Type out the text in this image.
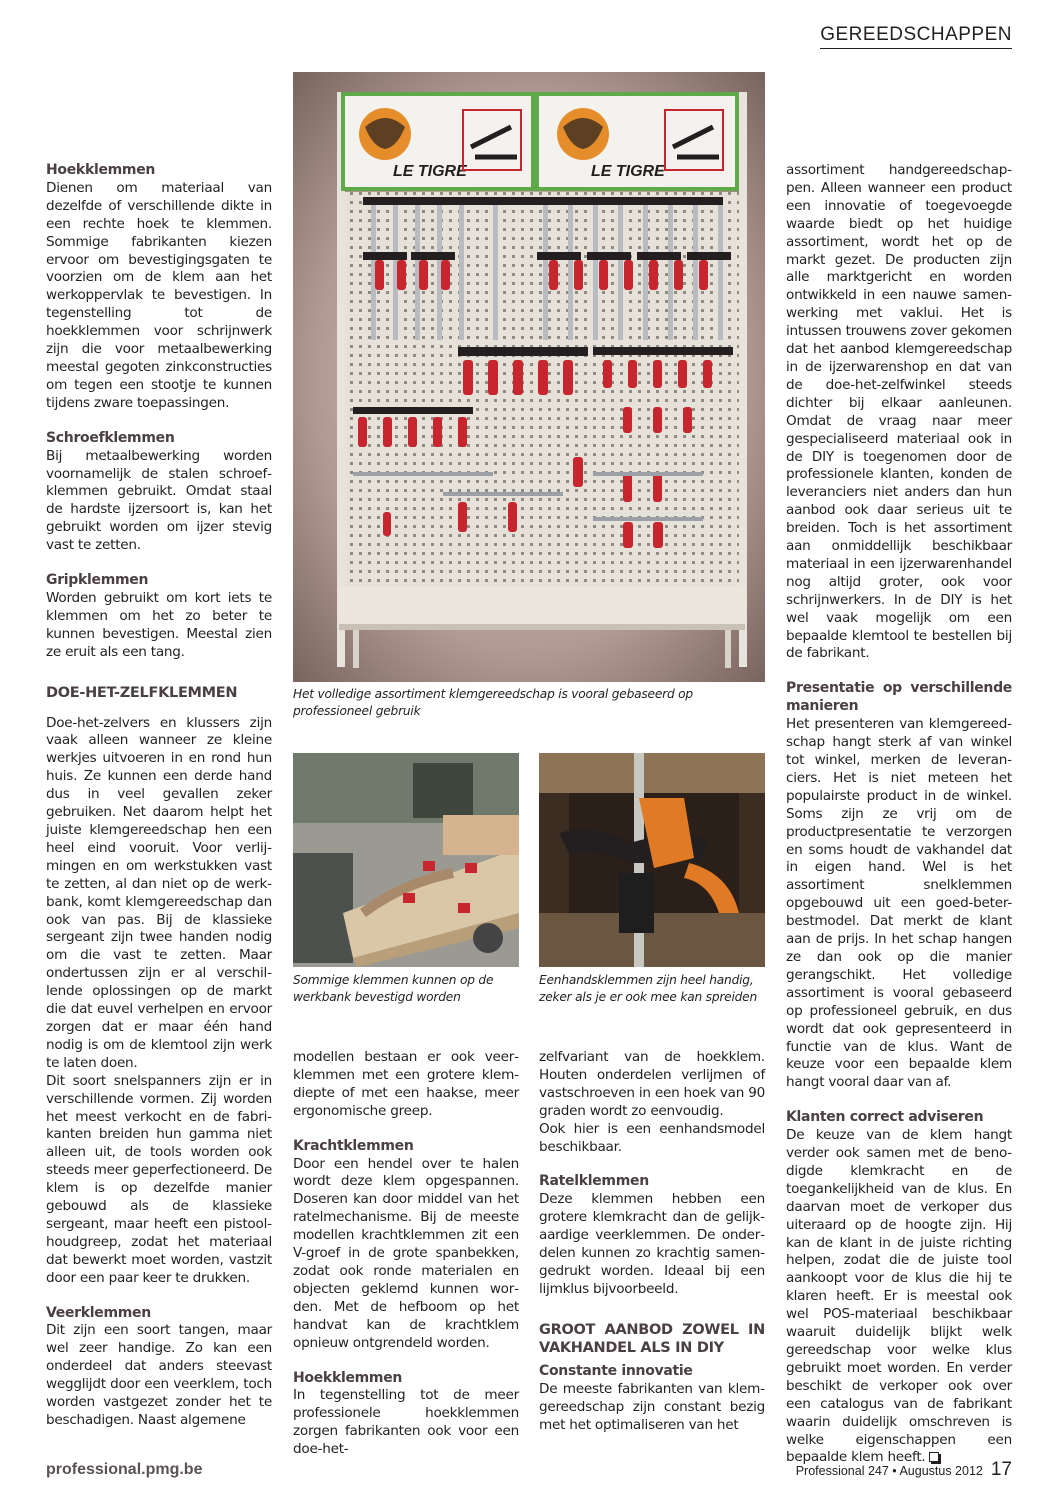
GEREEDSCHAPPEN
LE TIGRE	LE TIGRE
Het volledige assortiment klemgereedschap is vooral gebaseerd op professioneel gebruik
Sommige klemmen kunnen op de werkbank bevestigd worden
Eenhandsklemmen zijn heel handig, zeker als je er ook mee kan spreiden
Hoekklemmen

Dienen om materiaal van dezelfde of verschillende dikte in een rechte hoek te klemmen. Sommige fabrikanten kiezen ervoor om bevestigingsgaten te voorzien om de klem aan het werkoppervlak te bevestigen. In tegenstelling tot de hoekklemmen voor schrijnwerk zijn die voor metaalbewerking meestal gegoten zinkconstructies om tegen een stootje te kunnen tijdens zware toepassingen.

Schroefklemmen

Bij metaalbewerking worden voornamelijk de stalen schroefklemmen gebruikt. Omdat staal de hardste ijzersoort is, kan het gebruikt worden om ijzer stevig vast te zetten.

Gripklemmen

Worden gebruikt om kort iets te klemmen om het zo beter te kunnen bevestigen. Meestal zien ze eruit als een tang.

DOE-HET-ZELFKLEMMEN

Doe-het-zelvers en klussers zijn vaak alleen wanneer ze kleine werkjes uitvoeren in en rond hun huis. Ze kunnen een derde hand dus in veel gevallen zeker gebruiken. Net daarom helpt het juiste klemgereedschap hen een heel eind vooruit. Voor verlijmingen en om werkstukken vast te zetten, al dan niet op de werkbank, komt klemgereedschap dan ook van pas. Bij de klassieke sergeant zijn twee handen nodig om die vast te zetten. Maar ondertussen zijn er al verschillende oplossingen op de markt die dat euvel verhelpen en ervoor zorgen dat er maar één hand nodig is om de klemtool zijn werk te laten doen.

Dit soort snelspanners zijn er in verschillende vormen. Zij worden het meest verkocht en de fabrikanten breiden hun gamma niet alleen uit, de tools worden ook steeds meer geperfectioneerd. De klem is op dezelfde manier gebouwd als de klassieke sergeant, maar heeft een pistoolhoudgreep, zodat het materiaal dat bewerkt moet worden, vastzit door een paar keer te drukken.

Veerklemmen

Dit zijn een soort tangen, maar wel zeer handige. Zo kan een onderdeel dat anders steevast wegglijdt door een veerklem, toch worden vastgezet zonder het te beschadigen. Naast algemene

modellen bestaan er ook veerklemmen met een grotere klemdiepte of met een haakse, meer ergonomische greep.

Krachtklemmen

Door een hendel over te halen wordt deze klem opgespannen. Doseren kan door middel van het ratelmechanisme. Bij de meeste modellen krachtklemmen zit een V-groef in de grote spanbekken, zodat ook ronde materialen en objecten geklemd kunnen worden. Met de hefboom op het handvat kan de krachtklem opnieuw ontgrendeld worden.

Hoekklemmen

In tegenstelling tot de meer professionele hoekklemmen zorgen fabrikanten ook voor een doe-het-

zelfvariant van de hoekklem. Houten onderdelen verlijmen of vastschroeven in een hoek van 90 graden wordt zo eenvoudig.

Ook hier is een eenhandsmodel beschikbaar.

Ratelklemmen

Deze klemmen hebben een grotere klemkracht dan de gelijkaardige veerklemmen. De onderdelen kunnen zo krachtig samengedrukt worden. Ideaal bij een lijmklus bijvoorbeeld.

GROOT AANBOD ZOWEL IN VAKHANDEL ALS IN DIY
Constante innovatie

De meeste fabrikanten van klemgereedschap zijn constant bezig met het optimaliseren van het

assortiment handgereedschappen. Alleen wanneer een product een innovatie of toegevoegde waarde biedt op het huidige assortiment, wordt het op de markt gezet. De producten zijn alle marktgericht en worden ontwikkeld in een nauwe samenwerking met vaklui. Het is intussen trouwens zover gekomen dat het aanbod klemgereedschap in de ijzerwarenshop en dat van de doe-het-zelfwinkel steeds dichter bij elkaar aanleunen. Omdat de vraag naar meer gespecialiseerd materiaal ook in de DIY is toegenomen door de professionele klanten, konden de leveranciers niet anders dan hun aanbod ook daar serieus uit te breiden. Toch is het assortiment aan onmiddellijk beschikbaar materiaal in een ijzerwarenhandel nog altijd groter, ook voor schrijnwerkers. In de DIY is het wel vaak mogelijk om een bepaalde klemtool te bestellen bij de fabrikant.

Presentatie op verschillende manieren

Het presenteren van klemgereedschap hangt sterk af van winkel tot winkel, merken de leveranciers. Het is niet meteen het populairste product in de winkel. Soms zijn ze vrij om de productpresentatie te verzorgen en soms houdt de vakhandel dat in eigen hand. Wel is het assortiment snelklemmen opgebouwd uit een goed-beter-bestmodel. Dat merkt de klant aan de prijs. In het schap hangen ze dan ook op die manier gerangschikt. Het volledige assortiment is vooral gebaseerd op professioneel gebruik, en dus wordt dat ook gepresenteerd in functie van de klus. Want de keuze voor een bepaalde klem hangt vooral daar van af.

Klanten correct adviseren

De keuze van de klem hangt verder ook samen met de benodigde klemkracht en de toegankelijkheid van de klus. En daarvan moet de verkoper dus uiteraard op de hoogte zijn. Hij kan de klant in de juiste richting helpen, zodat die de juiste tool aankoopt voor de klus die hij te klaren heeft. Er is meestal ook wel POS-materiaal beschikbaar waaruit duidelijk blijkt welk gereedschap voor welke klus gebruikt moet worden. En verder beschikt de verkoper ook over een catalogus van de fabrikant waarin duidelijk omschreven is welke eigenschappen een bepaalde klem heeft.

professional.pmg.be	Professional 247 • Augustus 2012 17
